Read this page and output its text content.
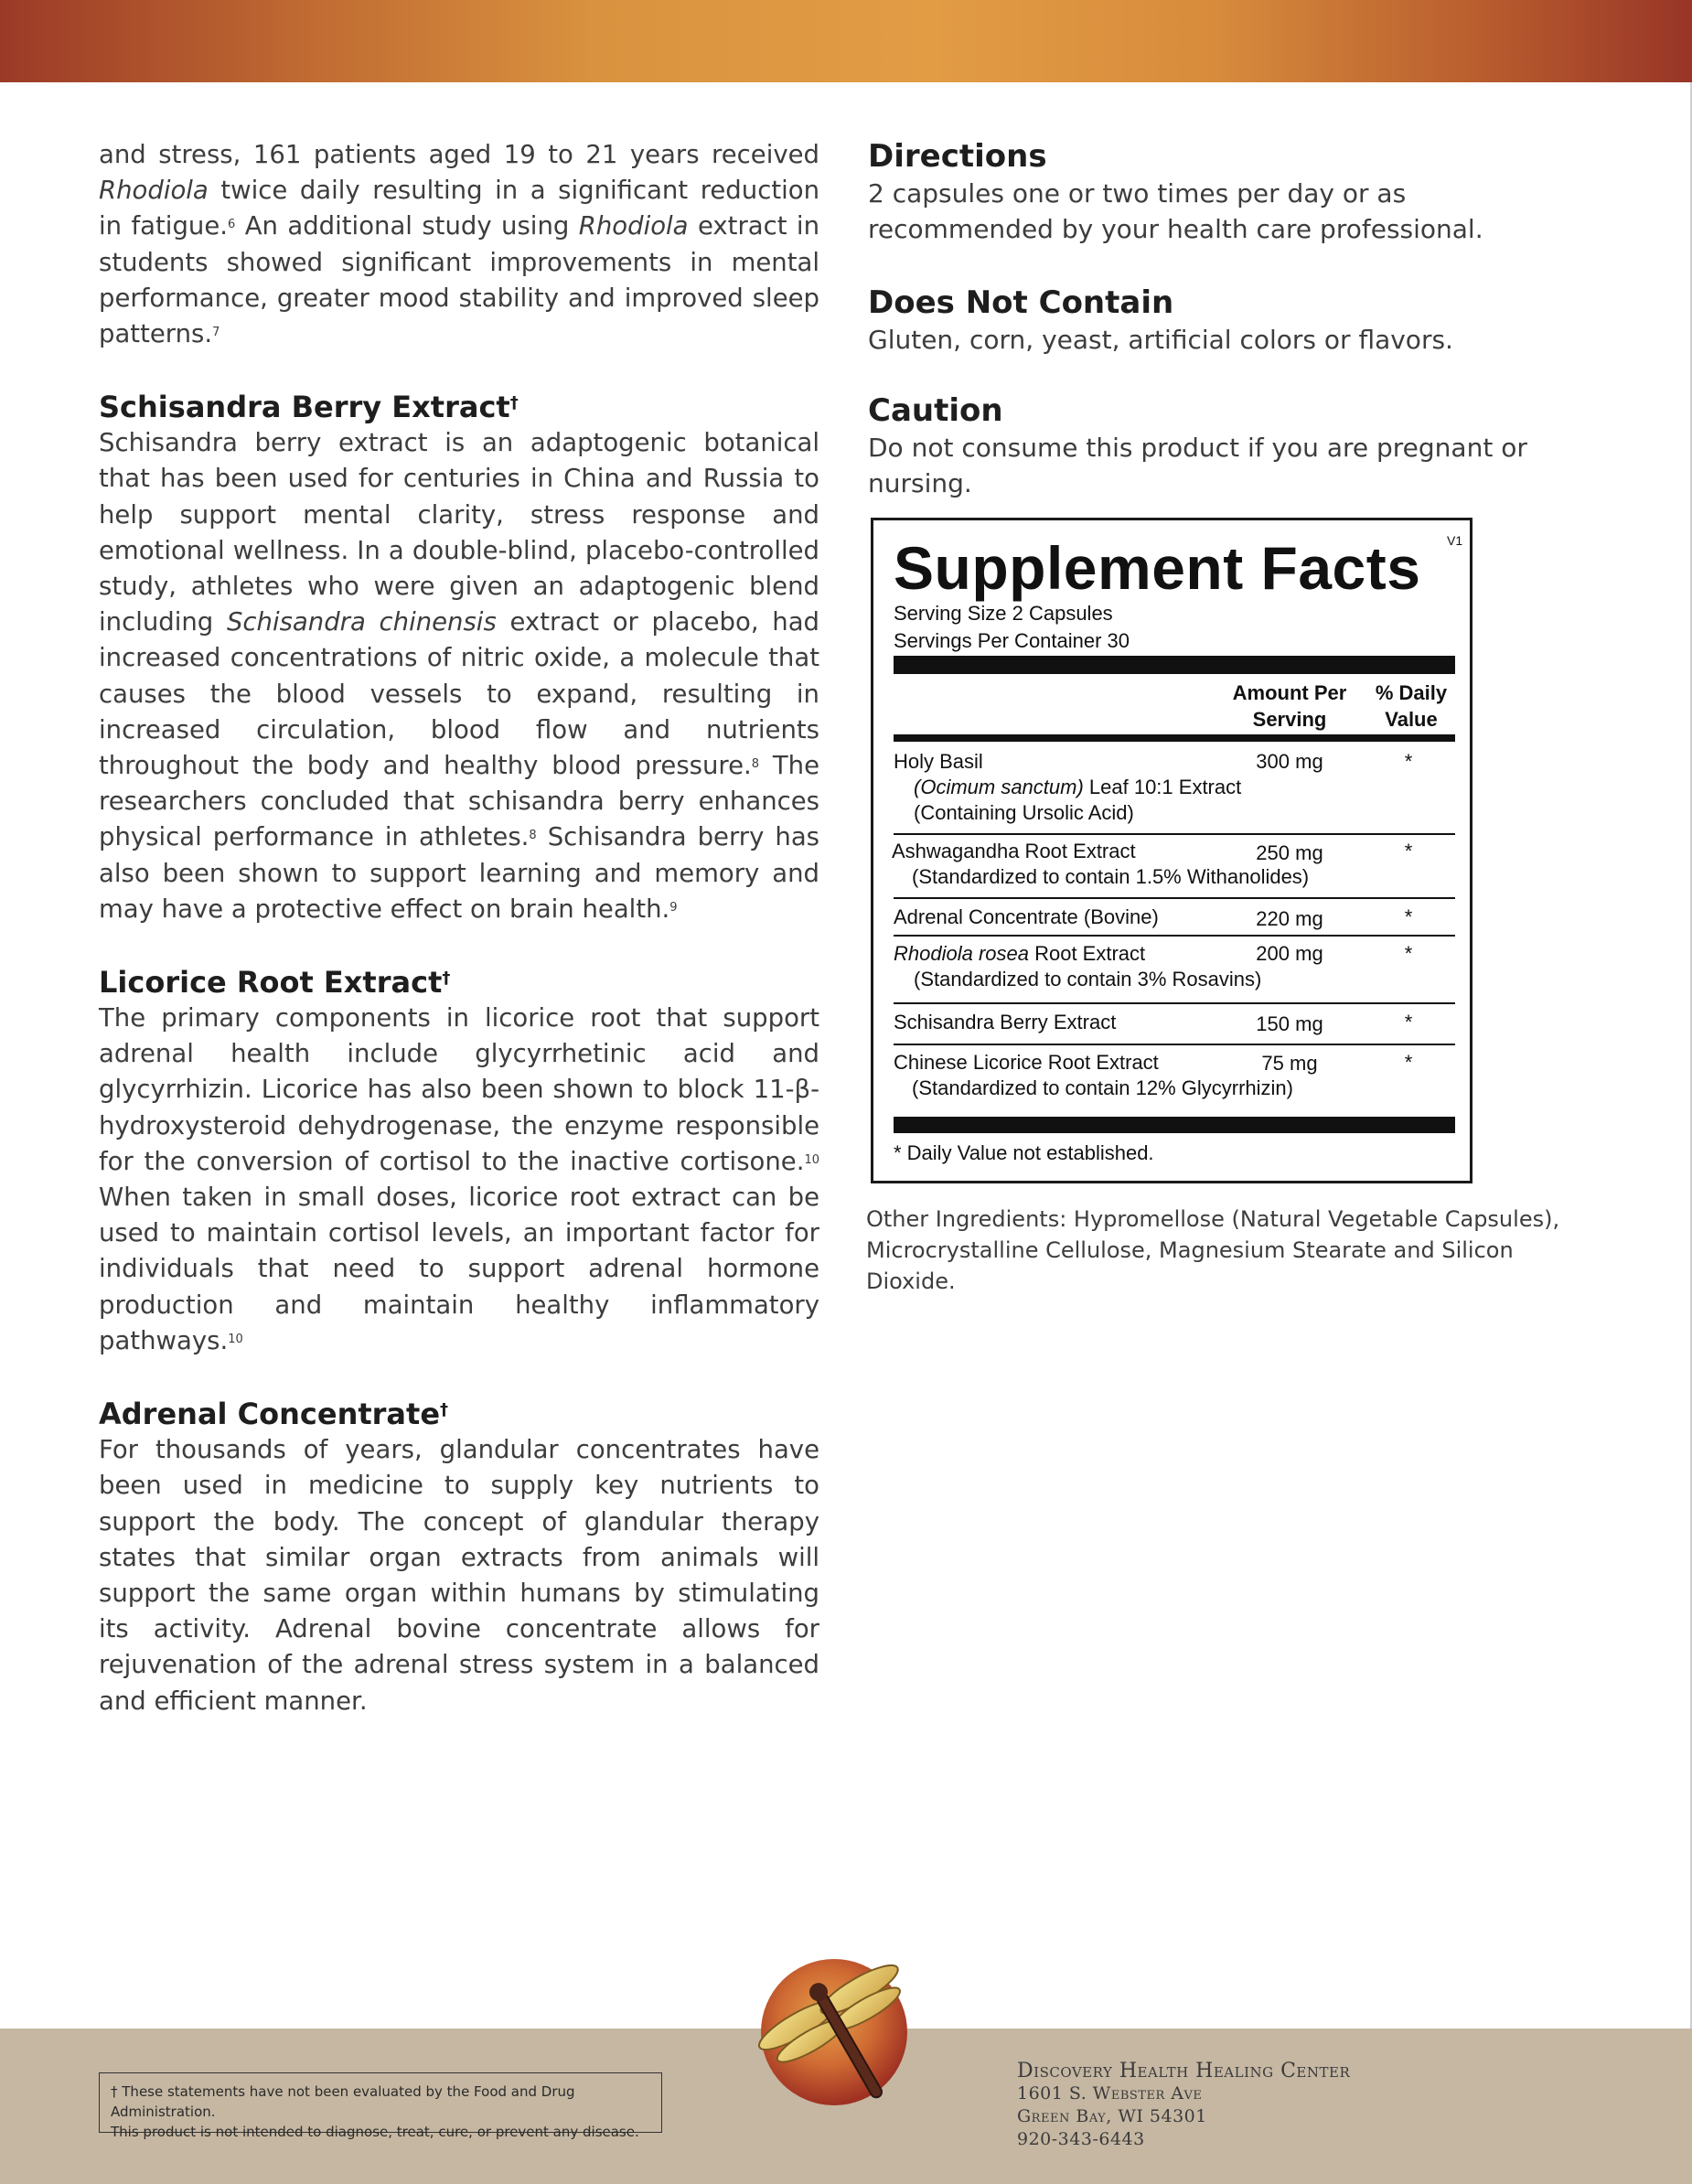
and stress, 161 patients aged 19 to 21 years received Rhodiola twice daily resulting in a significant reduction in fatigue.$^6$ An additional study using Rhodiola extract in students showed significant improvements in mental performance, greater mood stability and improved sleep patterns.$^7$

Schisandra Berry Extract†

Schisandra berry extract is an adaptogenic botanical that has been used for centuries in China and Russia to help support mental clarity, stress response and emotional wellness. In a double-blind, placebo-controlled study, athletes who were given an adaptogenic blend including Schisandra chinensis extract or placebo, had increased concentrations of nitric oxide, a molecule that causes the blood vessels to expand, resulting in increased circulation, blood flow and nutrients throughout the body and healthy blood pressure.$^8$ The researchers concluded that schisandra berry enhances physical performance in athletes.$^8$ Schisandra berry has also been shown to support learning and memory and may have a protective effect on brain health.$^9$

Licorice Root Extract†

The primary components in licorice root that support adrenal health include glycyrrhetinic acid and glycyrrhizin. Licorice has also been shown to block 11-β-hydroxysteroid dehydrogenase, the enzyme responsible for the conversion of cortisol to the inactive cortisone.$^{10}$ When taken in small doses, licorice root extract can be used to maintain cortisol levels, an important factor for individuals that need to support adrenal hormone production and maintain healthy inflammatory pathways.$^{10}$

Adrenal Concentrate†

For thousands of years, glandular concentrates have been used in medicine to supply key nutrients to support the body. The concept of glandular therapy states that similar organ extracts from animals will support the same organ within humans by stimulating its activity. Adrenal bovine concentrate allows for rejuvenation of the adrenal stress system in a balanced and efficient manner.

Directions

2 capsules one or two times per day or as recommended by your health care professional.

Does Not Contain

Gluten, corn, yeast, artificial colors or flavors.

Caution

Do not consume this product if you are pregnant or nursing.

Supplement Facts V1
Serving Size 2 Capsules
Servings Per Container 30
Amount Per
Serving
% Daily
Value
Holy Basil
(Ocimum sanctum) Leaf 10:1 Extract
(Containing Ursolic Acid)
300 mg	*
Ashwagandha Root Extract
(Standardized to contain 1.5% Withanolides)
250 mg	*
Adrenal Concentrate (Bovine)	220 mg	*
Rhodiola rosea Root Extract
(Standardized to contain 3% Rosavins)
200 mg	*
Schisandra Berry Extract	150 mg	*
Chinese Licorice Root Extract
(Standardized to contain 12% Glycyrrhizin)
75 mg	*
* Daily Value not established.

Other Ingredients: Hypromellose (Natural Vegetable Capsules), Microcrystalline Cellulose, Magnesium Stearate and Silicon Dioxide.

† These statements have not been evaluated by the Food and Drug Administration.
This product is not intended to diagnose, treat, cure, or prevent any disease.
Discovery Health Healing Center
1601 S. Webster Ave
Green Bay, WI 54301
920-343-6443
